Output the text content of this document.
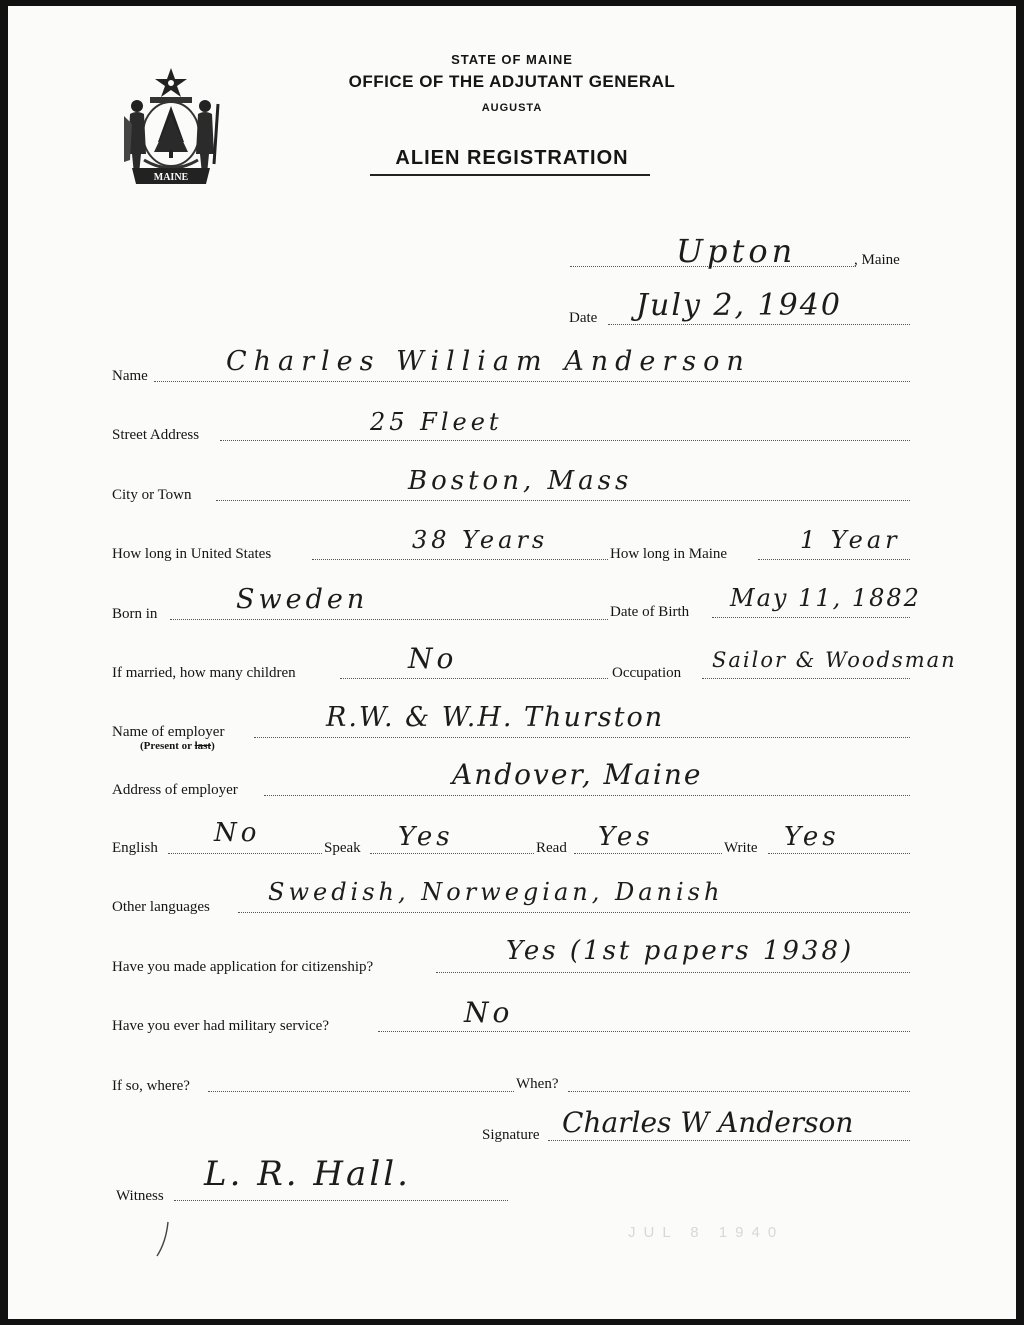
MAINE
STATE OF MAINE
OFFICE OF THE ADJUTANT GENERAL
AUGUSTA
ALIEN REGISTRATION
Upton	, Maine
Date July 2, 1940
Name	Charles William Anderson
Street Address	25 Fleet
City or Town	Boston, Mass
How long in United States	38 Years	How long in Maine	1 Year
Born in	Sweden	Date of Birth May 11, 1882
If married, how many children	No	Occupation
Sailor & Woodsman
Name of employer
(Present or last)
R.W. & W.H. Thurston
Address of employer	Andover, Maine
English No	Speak Yes	Read Yes	Write Yes
Other languages
Swedish, Norwegian, Danish
Have you made application for citizenship?
Yes (1st papers 1938)
Have you ever had military service?	No
If so, where?	When?
Signature Charles W Anderson
Witness
L. R. Hall.
JUL 8 1940
